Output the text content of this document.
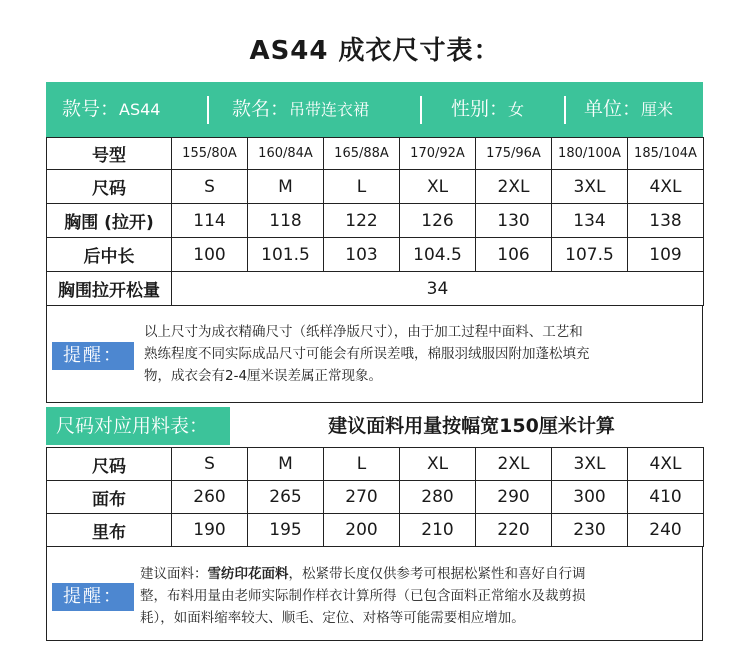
AS44 成衣尺寸表：
款号：AS44	款名：吊带连衣裙	性别：女	单位：厘米
号型	155/80A	160/84A	165/88A	170/92A	175/96A	180/100A	185/104A
尺码	S	M	L	XL	2XL	3XL	4XL
胸围 (拉开)	114	118	122	126	130	134	138
后中长	100	101.5	103	104.5	106	107.5	109
胸围拉开松量	34						
提醒：
以上尺寸为成衣精确尺寸（纸样净版尺寸），由于加工过程中面料、工艺和
熟练程度不同实际成品尺寸可能会有所误差哦，棉服羽绒服因附加蓬松填充
物，成衣会有2-4厘米误差属正常现象。
尺码对应用料表：	建议面料用量按幅宽150厘米计算
尺码	S	M	L	XL	2XL	3XL	4XL
面布	260	265	270	280	290	300	410
里布	190	195	200	210	220	230	240
提醒：
建议面料：雪纺印花面料，松紧带长度仅供参考可根据松紧性和喜好自行调
整，布料用量由老师实际制作样衣计算所得（已包含面料正常缩水及裁剪损
耗），如面料缩率较大、顺毛、定位、对格等可能需要相应增加。
